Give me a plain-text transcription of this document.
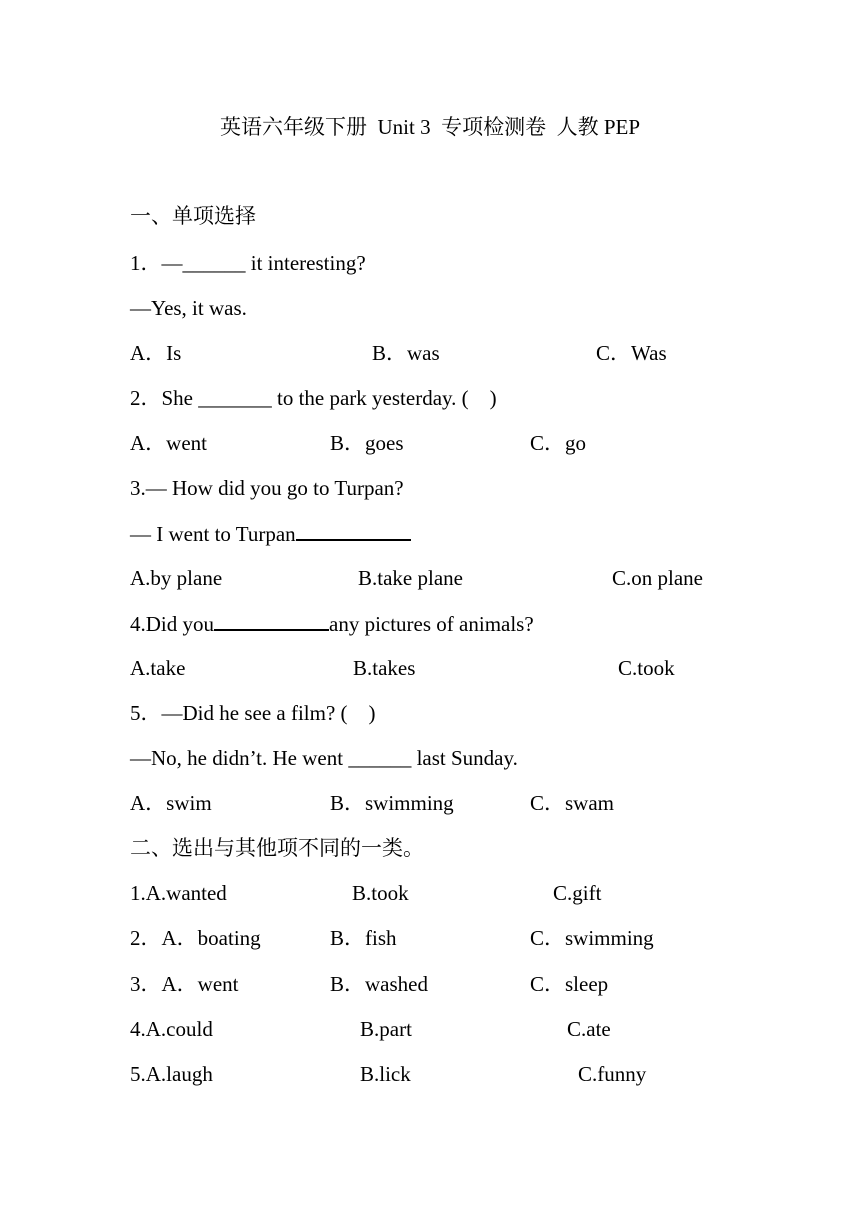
英语六年级下册  Unit 3  专项检测卷  人教 PEP
一、单项选择
1．—______ it interesting?
—Yes, it was.
A．Is	B．was	C．Was
2．She _______ to the park yesterday. (    )
A．went	B．goes	C．go
3.— How did you go to Turpan?
— I went to Turpan
A.by plane	B.take plane	C.on plane
4.Did you	any pictures of animals?
A.take	B.takes	C.took
5．—Did he see a film? (    )
—No, he didn’t. He went ______ last Sunday.
A．swim	B．swimming	C．swam
二、选出与其他项不同的一类。
1.A.wanted	B.took	C.gift
2．A．boating	B．fish	C．swimming
3．A．went	B．washed	C．sleep
4.A.could	B.part	C.ate
5.A.laugh	B.lick	C.funny
